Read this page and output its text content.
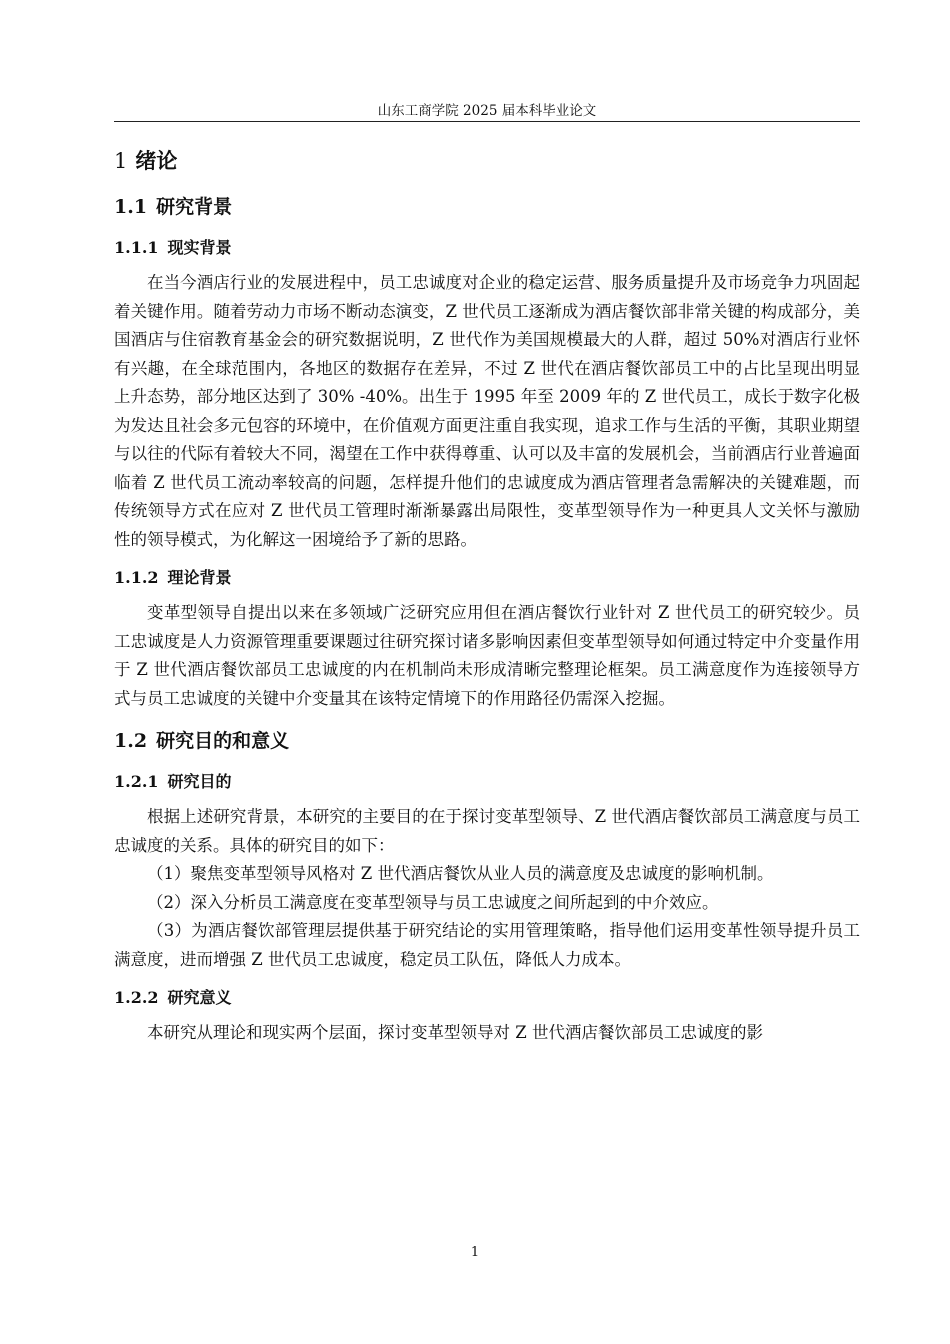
山东工商学院 2025 届本科毕业论文
1 绪论
1.1 研究背景
1.1.1 现实背景

在当今酒店行业的发展进程中，员工忠诚度对企业的稳定运营、服务质量提升及市场竞争力巩固起着关键作用。随着劳动力市场不断动态演变，Z 世代员工逐渐成为酒店餐饮部非常关键的构成部分，美国酒店与住宿教育基金会的研究数据说明，Z 世代作为美国规模最大的人群，超过 50%对酒店行业怀有兴趣，在全球范围内，各地区的数据存在差异，不过 Z 世代在酒店餐饮部员工中的占比呈现出明显上升态势，部分地区达到了 30% -40%。出生于 1995 年至 2009 年的 Z 世代员工，成长于数字化极为发达且社会多元包容的环境中，在价值观方面更注重自我实现，追求工作与生活的平衡，其职业期望与以往的代际有着较大不同，渴望在工作中获得尊重、认可以及丰富的发展机会，当前酒店行业普遍面临着 Z 世代员工流动率较高的问题，怎样提升他们的忠诚度成为酒店管理者急需解决的关键难题，而传统领导方式在应对 Z 世代员工管理时渐渐暴露出局限性，变革型领导作为一种更具人文关怀与激励性的领导模式，为化解这一困境给予了新的思路。

1.1.2 理论背景

变革型领导自提出以来在多领域广泛研究应用但在酒店餐饮行业针对 Z 世代员工的研究较少。员工忠诚度是人力资源管理重要课题过往研究探讨诸多影响因素但变革型领导如何通过特定中介变量作用于 Z 世代酒店餐饮部员工忠诚度的内在机制尚未形成清晰完整理论框架。员工满意度作为连接领导方式与员工忠诚度的关键中介变量其在该特定情境下的作用路径仍需深入挖掘。

1.2 研究目的和意义
1.2.1 研究目的

根据上述研究背景，本研究的主要目的在于探讨变革型领导、Z 世代酒店餐饮部员工满意度与员工忠诚度的关系。具体的研究目的如下：

（1）聚焦变革型领导风格对 Z 世代酒店餐饮从业人员的满意度及忠诚度的影响机制。

（2）深入分析员工满意度在变革型领导与员工忠诚度之间所起到的中介效应。

（3）为酒店餐饮部管理层提供基于研究结论的实用管理策略，指导他们运用变革性领导提升员工满意度，进而增强 Z 世代员工忠诚度，稳定员工队伍，降低人力成本。

1.2.2 研究意义

本研究从理论和现实两个层面，探讨变革型领导对 Z 世代酒店餐饮部员工忠诚度的影

1
